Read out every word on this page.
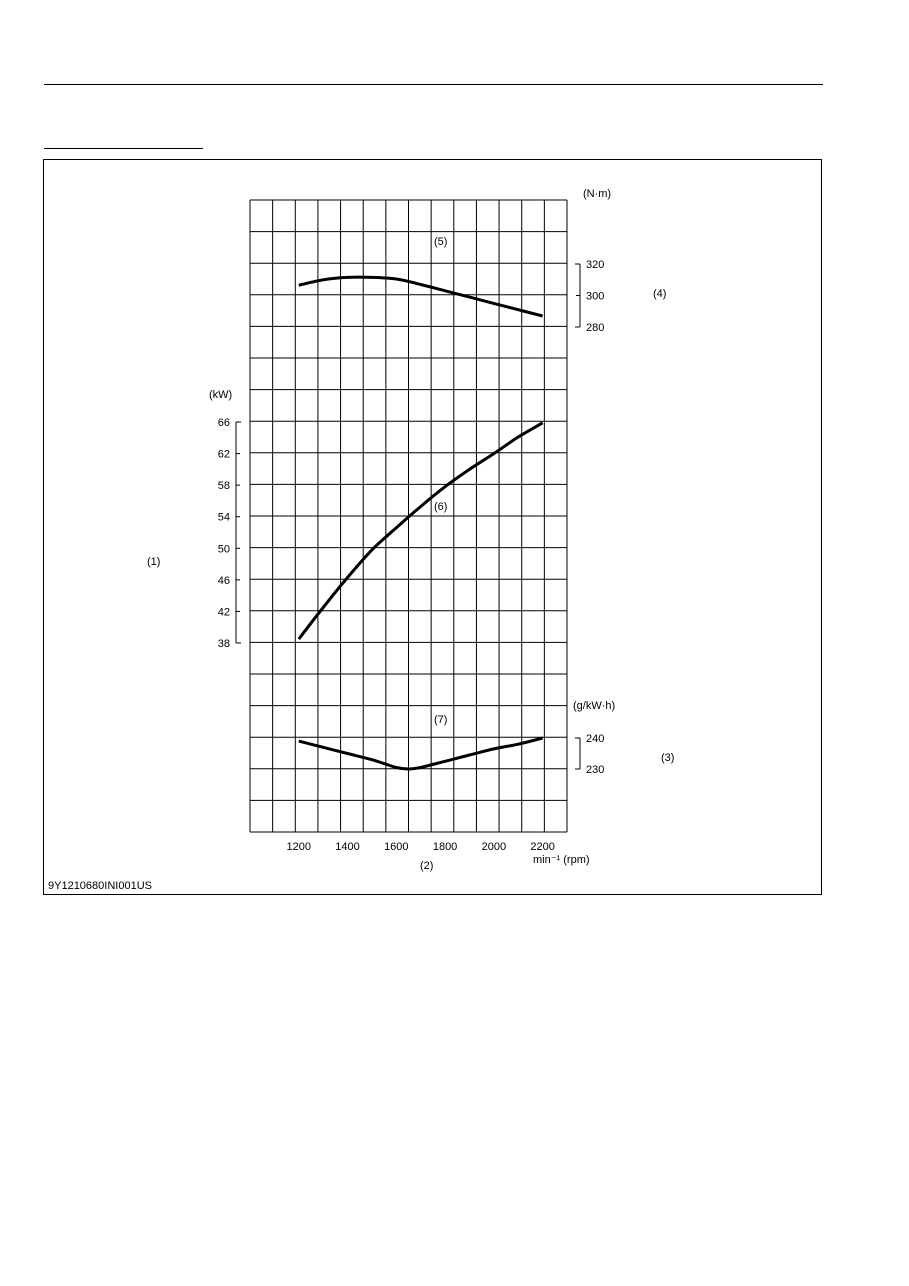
1200 1400 1600 1800 2000 2200
320
300
280
66
62
58
54
50
46
42
38
240
230
(N·m)
(4)
(kW)
(1)
(g/kW·h)
(3)
(5)
(6)
(7)
(2)	min⁻¹ (rpm)
9Y1210680INI001US
